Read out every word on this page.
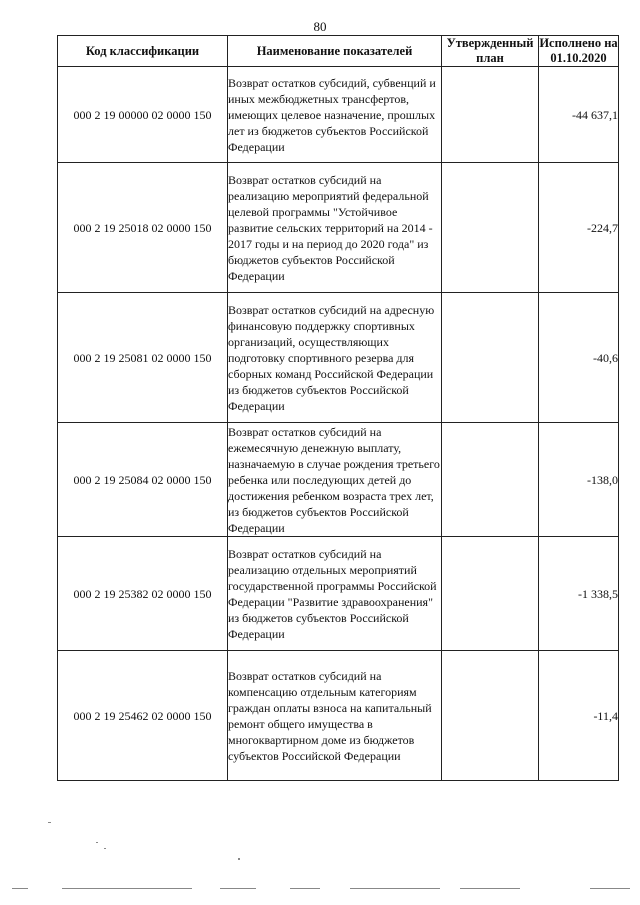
80
Код классификации	Наименование показателей	Утвержденный план	Исполнено на 01.10.2020
000 2 19 00000 02 0000 150	Возврат остатков субсидий, субвенций и иных межбюджетных трансфертов, имеющих целевое назначение, прошлых лет из бюджетов субъектов Российской Федерации		-44 637,1
000 2 19 25018 02 0000 150	Возврат остатков субсидий на реализацию мероприятий федеральной целевой программы "Устойчивое развитие сельских территорий на 2014 - 2017 годы и на период до 2020 года" из бюджетов субъектов Российской Федерации		-224,7
000 2 19 25081 02 0000 150	Возврат остатков субсидий на адресную финансовую поддержку спортивных организаций, осуществляющих подготовку спортивного резерва для сборных команд Российской Федерации из бюджетов субъектов Российской Федерации		-40,6
000 2 19 25084 02 0000 150	Возврат остатков субсидий на ежемесячную денежную выплату, назначаемую в случае рождения третьего ребенка или последующих детей до достижения ребенком возраста трех лет, из бюджетов субъектов Российской Федерации		-138,0
000 2 19 25382 02 0000 150	Возврат остатков субсидий на реализацию отдельных мероприятий государственной программы Российской Федерации "Развитие здравоохранения" из бюджетов субъектов Российской Федерации		-1 338,5
000 2 19 25462 02 0000 150	Возврат остатков субсидий на компенсацию отдельным категориям граждан оплаты взноса на капитальный ремонт общего имущества в многоквартирном доме из бюджетов субъектов Российской Федерации		-11,4
